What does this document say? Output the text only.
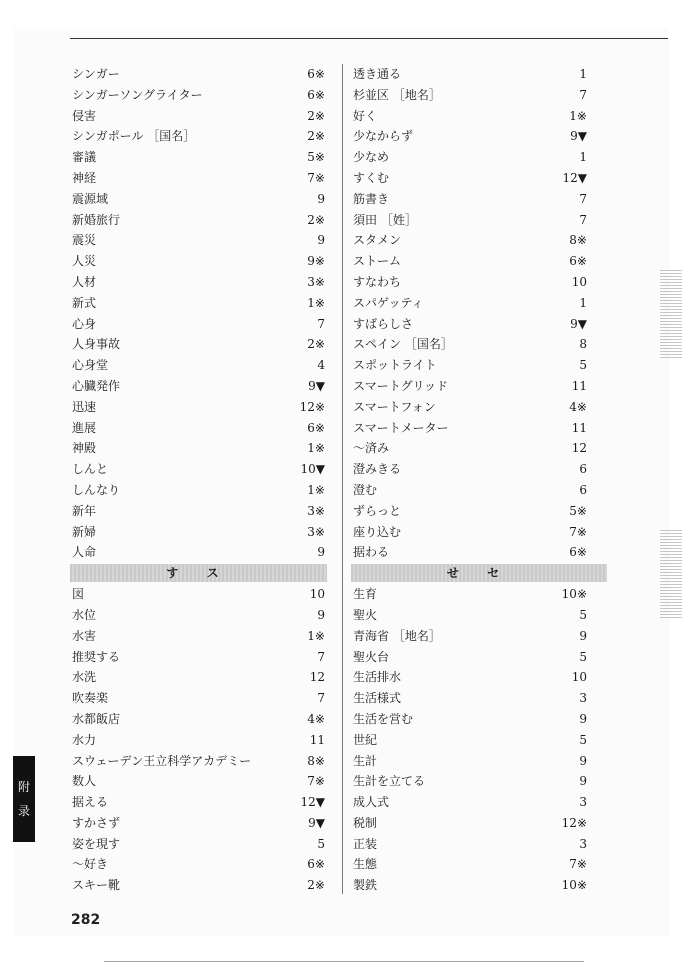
シンガー	6※
シンガーソングライター	6※
侵害	2※
シンガポール ［国名］	2※
審議	5※
神経	7※
震源域	9
新婚旅行	2※
震災	9
人災	9※
人材	3※
新式	1※
心身	7
人身事故	2※
心身堂	4
心臓発作	9▼
迅速	12※
進展	6※
神殿	1※
しんと	10▼
しんなり	1※
新年	3※
新婦	3※
人命	9
す ス
図	10
水位	9
水害	1※
推奨する	7
水洗	12
吹奏楽	7
水都飯店	4※
水力	11
スウェーデン王立科学アカデミー	8※
数人	7※
据える	12▼
すかさず	9▼
姿を現す	5
～好き	6※
スキー靴	2※
透き通る	1
杉並区 ［地名］	7
好く	1※
少なからず	9▼
少なめ	1
すくむ	12▼
筋書き	7
須田 ［姓］	7
スタメン	8※
ストーム	6※
すなわち	10
スパゲッティ	1
すばらしさ	9▼
スペイン ［国名］	8
スポットライト	5
スマートグリッド	11
スマートフォン	4※
スマートメーター	11
～済み	12
澄みきる	6
澄む	6
ずらっと	5※
座り込む	7※
据わる	6※
せ セ
生育	10※
聖火	5
青海省 ［地名］	9
聖火台	5
生活排水	10
生活様式	3
生活を営む	9
世紀	5
生計	9
生計を立てる	9
成人式	3
税制	12※
正装	3
生態	7※
製鉄	10※
附
录
282
